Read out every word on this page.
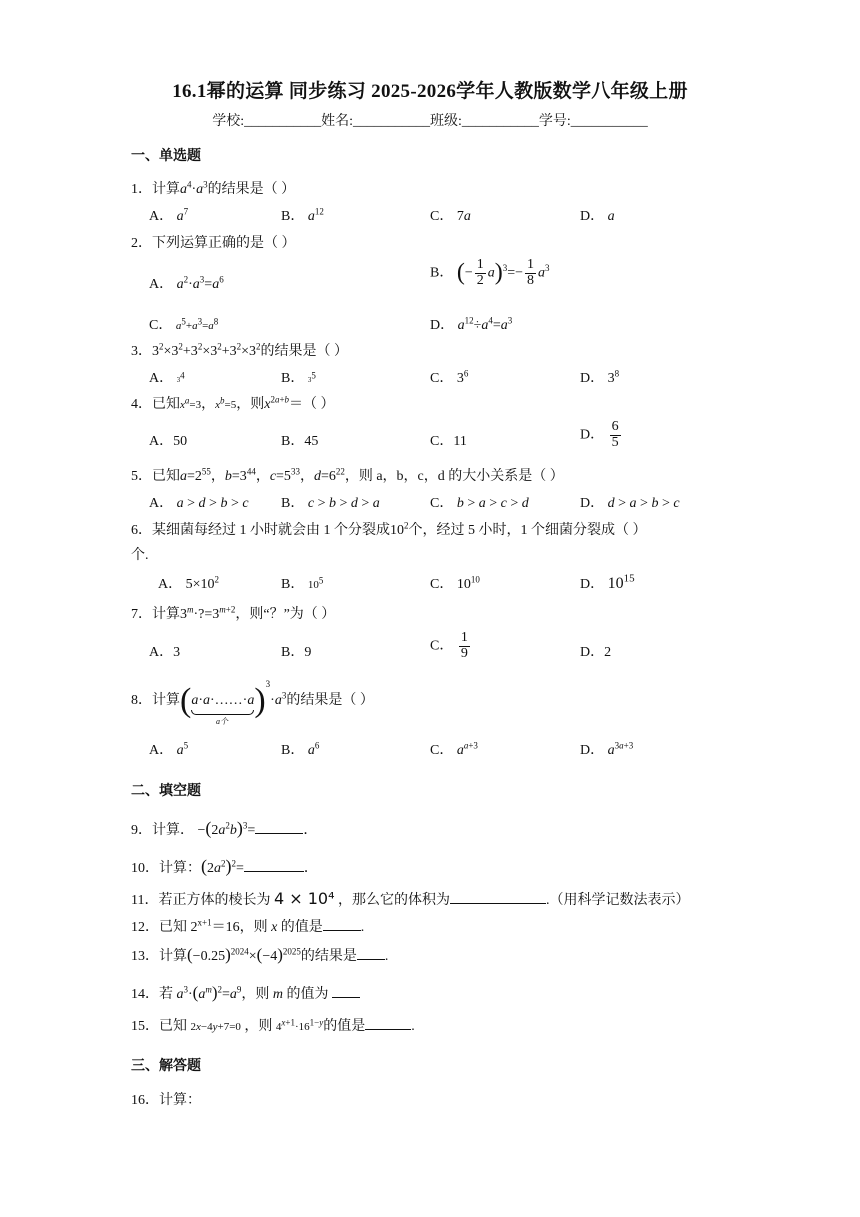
16.1幂的运算 同步练习 2025-2026学年人教版数学八年级上册
学校:___________姓名:___________班级:___________学号:___________
一、单选题
1．计算$a^4\cdot a^3$的结果是（ ）
A． $a^7$	B． $a^{12}$	C． 7a	D． a
2．下列运算正确的是（ ）
A． $a^2\cdot a^3=a^6$	B． (− $\frac{1}{2} a)^3=- \frac{1}{8} a^3$
C． $a^5+a^3=a^8$	D． $a^{12}\div a^4=a^3$
3．$3^2\times 3^2+3^2\times 3^2+3^2\times 3^2$的结果是（ ）
A． $3^4$	B． $3^5$	C． $3^6$	D． $3^8$
4．已知$x^a=3$，$x^b=5$，则$x^{2a+b}=$（ ）
A．50	B．45	C．11	D． $\frac{6}{5}$
5．已知$a=2^{55}$，$b=3^{44}$，$c=5^{33}$，$d=6^{22}$，则 a，b，c，d 的大小关系是（ ）
A． a > d > b > c B． c > b > d > a	C． b > a > c > d	D． d > a > b > c
6．某细菌每经过 1 小时就会由 1 个分裂成$10^2$个，经过 5 小时，1 个细菌分裂成（ ）
个.
A． $5\times 10^2$	B． $10^5$	C． $10^{10}$	D． $10^{15}$
7．计算$3^m\cdot?=3^{m+2}$，则“？”为（ ）
A．3	B．9	C． $\frac{1}{9}$	D．2
8．计算$(a\cdot a\cdot\dots\dots\cdot a)^3\cdot a^3$的结果是（ ）
a个
A． $a^5$	B． $a^6$	C． $a^{a+3}$	D． $a^{3a+3}$
二、填空题
9．计算． $-(2a^2b)^3=$	．
10．计算：$(2a^2)^2=$	．
11．若正方体的棱长为 4 × 10⁴ ，那么它的体积为	.（用科学记数法表示）
12．已知 $2^{x+1}=16$，则 x 的值是	.
13．计算$(-0.25)^{2024}\times(-4)^{2025}$的结果是 .
14．若 $a^3\cdot(a^m)^2=a^9$，则 m 的值为
15．已知 2x−4y+7=0 ，则 $4^{x+1}\cdot 16^{1-y}$的值是	.
三、解答题
16．计算：
